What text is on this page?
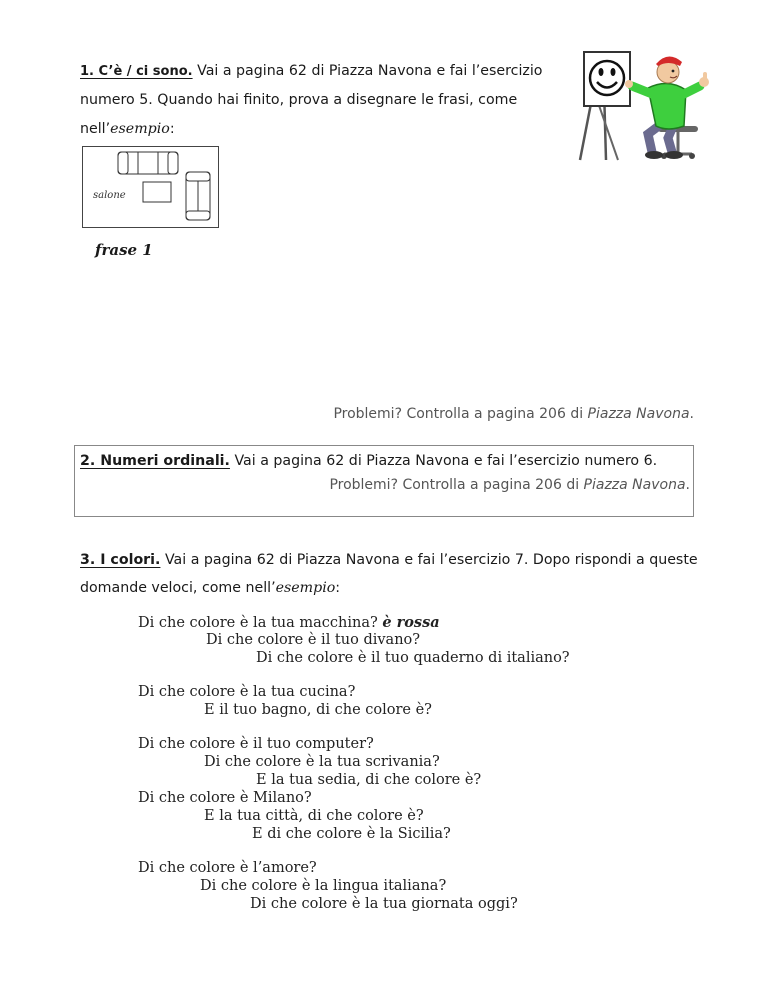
1. C’è / ci sono. Vai a pagina 62 di Piazza Navona e fai l’esercizio
numero 5. Quando hai finito, prova a disegnare le frasi, come
nell’esempio:
salone
frase 1
Problemi? Controlla a pagina 206 di Piazza Navona.
2. Numeri ordinali. Vai a pagina 62 di Piazza Navona e fai l’esercizio numero 6.
Problemi? Controlla a pagina 206 di Piazza Navona.
3. I colori. Vai a pagina 62 di Piazza Navona e fai l’esercizio 7. Dopo rispondi a queste
domande veloci, come nell’esempio:
Di che colore è la tua macchina? è rossa
Di che colore è il tuo divano?
Di che colore è il tuo quaderno di italiano?
Di che colore è la tua cucina?
E il tuo bagno, di che colore è?
Di che colore è il tuo computer?
Di che colore è la tua scrivania?
E la tua sedia, di che colore è?
Di che colore è Milano?
E la tua città, di che colore è?
E di che colore è la Sicilia?
Di che colore è l’amore?
Di che colore è la lingua italiana?
Di che colore è la tua giornata oggi?
